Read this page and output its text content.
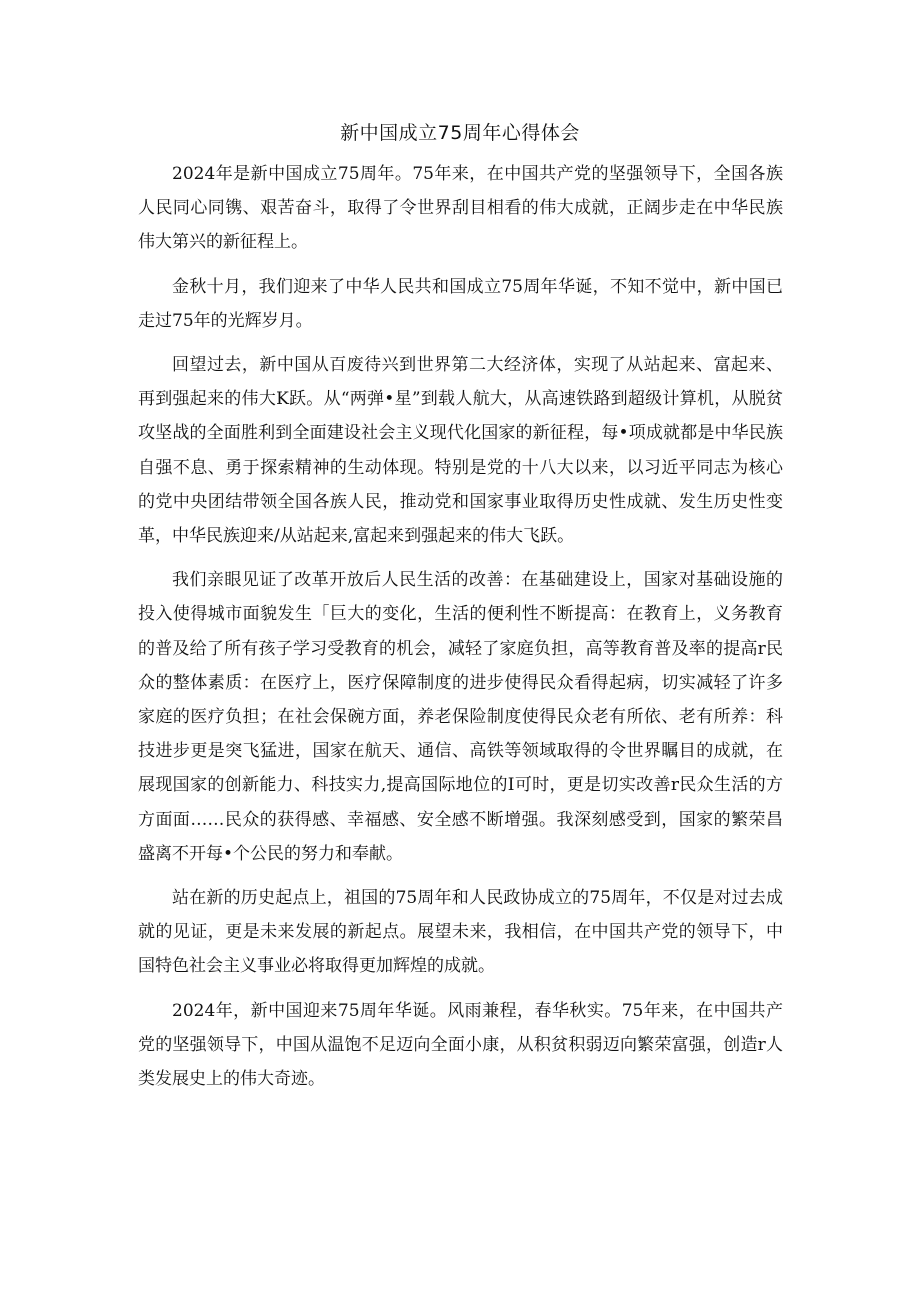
新中国成立75周年心得体会

2024年是新中国成立75周年。75年来，在中国共产党的坚强领导下，全国各族人民同心同镌、艰苦奋斗，取得了令世界刮目相看的伟大成就，正阔步走在中华民族伟大第兴的新征程上。

金秋十月，我们迎来了中华人民共和国成立75周年华诞，不知不觉中，新中国已走过75年的光辉岁月。

回望过去，新中国从百废待兴到世界第二大经济体，实现了从站起来、富起来、再到强起来的伟大K跃。从“两弹•星”到载人航大，从高速铁路到超级计算机，从脱贫攻坚战的全面胜利到全面建设社会主义现代化国家的新征程，每•项成就都是中华民族自强不息、勇于探索精神的生动体现。特别是党的十八大以来，以习近平同志为核心的党中央团结带领全国各族人民，推动党和国家事业取得历史性成就、发生历史性变革，中华民族迎来/从站起来,富起来到强起来的伟大飞跃。

我们亲眼见证了改革开放后人民生活的改善：在基础建设上，国家对基础设施的投入使得城市面貌发生「巨大的变化，生活的便利性不断提高：在教育上，义务教育的普及给了所有孩子学习受教育的机会，减轻了家庭负担，高等教育普及率的提高r民众的整体素质：在医疗上，医疗保障制度的进步使得民众看得起病，切实减轻了许多家庭的医疗负担；在社会保碗方面，养老保险制度使得民众老有所依、老有所养：科技进步更是突飞猛进，国家在航天、通信、高铁等领域取得的令世界瞩目的成就，在展现国家的创新能力、科技实力,提高国际地位的I可时，更是切实改善r民众生活的方方面面……民众的获得感、幸福感、安全感不断增强。我深刻感受到，国家的繁荣昌盛离不开每•个公民的努力和奉献。

站在新的历史起点上，祖国的75周年和人民政协成立的75周年，不仅是对过去成就的见证，更是未来发展的新起点。展望未来，我相信，在中国共产党的领导下，中国特色社会主义事业必将取得更加辉煌的成就。

2024年，新中国迎来75周年华诞。风雨兼程，春华秋实。75年来，在中国共产党的坚强领导下，中国从温饱不足迈向全面小康，从积贫积弱迈向繁荣富强，创造r人类发展史上的伟大奇迹。
